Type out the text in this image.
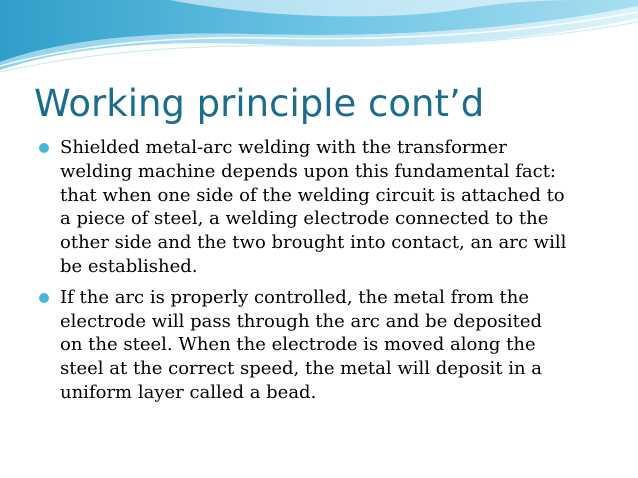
Working principle cont’d
Shielded metal-arc welding with the transformer
welding machine depends upon this fundamental fact:
that when one side of the welding circuit is attached to
a piece of steel, a welding electrode connected to the
other side and the two brought into contact, an arc will
be established.
If the arc is properly controlled, the metal from the
electrode will pass through the arc and be deposited
on the steel. When the electrode is moved along the
steel at the correct speed, the metal will deposit in a
uniform layer called a bead.
